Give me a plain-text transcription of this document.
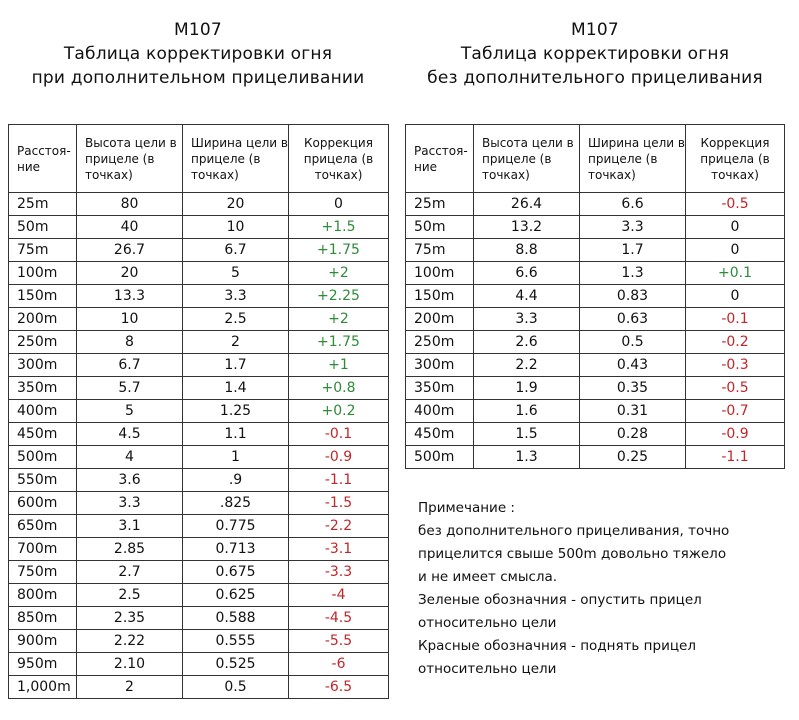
M107
Таблица корректировки огня
при дополнительном прицеливании
Расстоя-ние	Высота цели в прицеле (в точках)	Ширина цели в прицеле (в точках)	Коррекция прицела (в точках)
25m	80	20	0
50m	40	10	+1.5
75m	26.7	6.7	+1.75
100m	20	5	+2
150m	13.3	3.3	+2.25
200m	10	2.5	+2
250m	8	2	+1.75
300m	6.7	1.7	+1
350m	5.7	1.4	+0.8
400m	5	1.25	+0.2
450m	4.5	1.1	-0.1
500m	4	1	-0.9
550m	3.6	.9	-1.1
600m	3.3	.825	-1.5
650m	3.1	0.775	-2.2
700m	2.85	0.713	-3.1
750m	2.7	0.675	-3.3
800m	2.5	0.625	-4
850m	2.35	0.588	-4.5
900m	2.22	0.555	-5.5
950m	2.10	0.525	-6
1,000m	2	0.5	-6.5
M107
Таблица корректировки огня
без дополнительного прицеливания
Расстоя-ние	Высота цели в прицеле (в точках)	Ширина цели в прицеле (в точках)	Коррекция прицела (в точках)
25m	26.4	6.6	-0.5
50m	13.2	3.3	0
75m	8.8	1.7	0
100m	6.6	1.3	+0.1
150m	4.4	0.83	0
200m	3.3	0.63	-0.1
250m	2.6	0.5	-0.2
300m	2.2	0.43	-0.3
350m	1.9	0.35	-0.5
400m	1.6	0.31	-0.7
450m	1.5	0.28	-0.9
500m	1.3	0.25	-1.1
Примечание :
без дополнительного прицеливания, точно
прицелится свыше 500m довольно тяжело
и не имеет смысла.
Зеленые обозначния - опустить прицел
относительно цели
Красные обозначния - поднять прицел
относительно цели
